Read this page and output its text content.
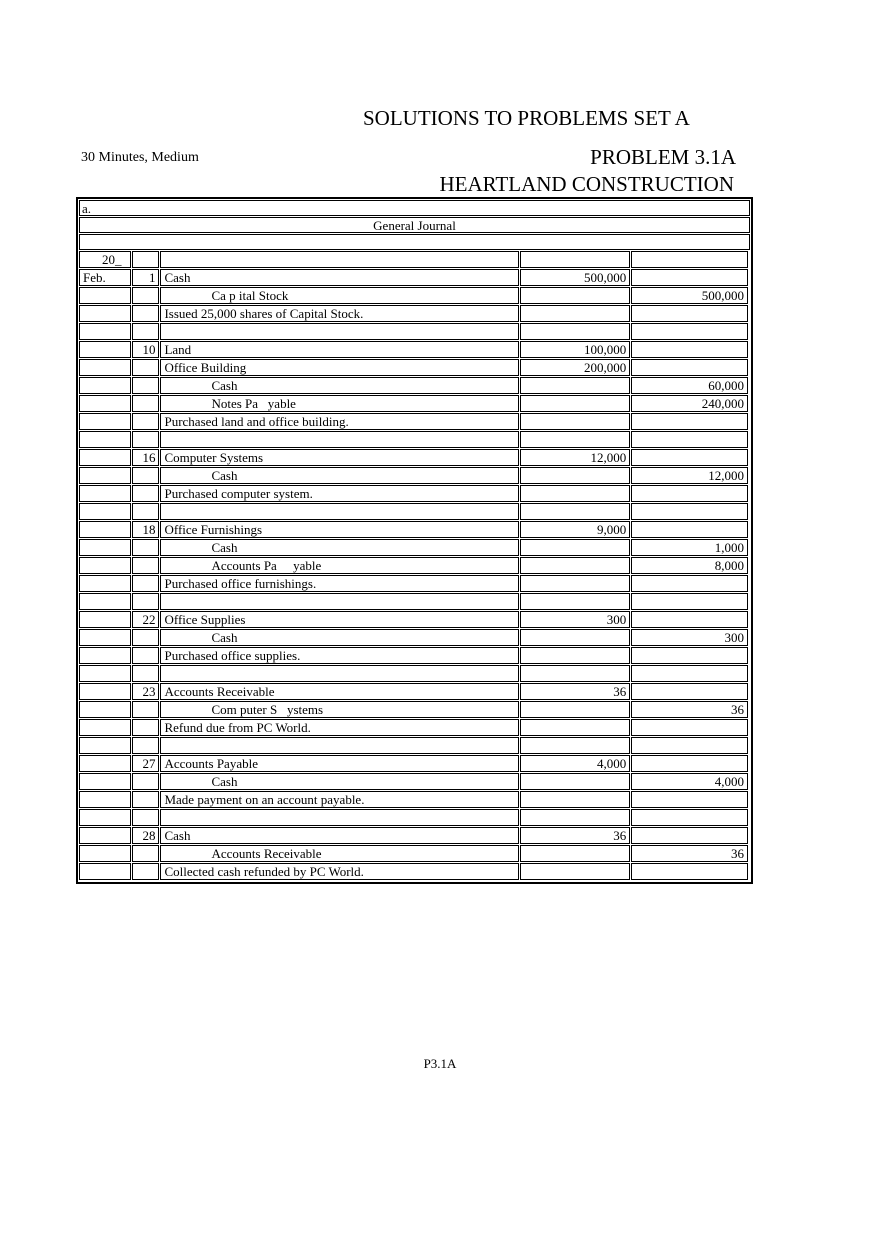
SOLUTIONS TO PROBLEMS SET A
30 Minutes, Medium	PROBLEM 3.1A
HEARTLAND CONSTRUCTION
a.
General Journal
20_				
Feb.	1	Cash	500,000	
		Ca p ital Stock		500,000
		Issued 25,000 shares of Capital Stock.		

	10	Land	100,000	
		Office Building	200,000	
		Cash		60,000
		Notes Pa   yable		240,000
		Purchased land and office building.		

	16	Computer Systems	12,000	
		Cash		12,000
		Purchased computer system.		

	18	Office Furnishings	9,000	
		Cash		1,000
		Accounts Pa     yable		8,000
		Purchased office furnishings.		

	22	Office Supplies	300	
		Cash		300
		Purchased office supplies.		

	23	Accounts Receivable	36	
		Com puter S   ystems		36
		Refund due from PC World.		

	27	Accounts Payable	4,000	
		Cash		4,000
		Made payment on an account payable.		

	28	Cash	36	
		Accounts Receivable		36
		Collected cash refunded by PC World.		
P3.1A
